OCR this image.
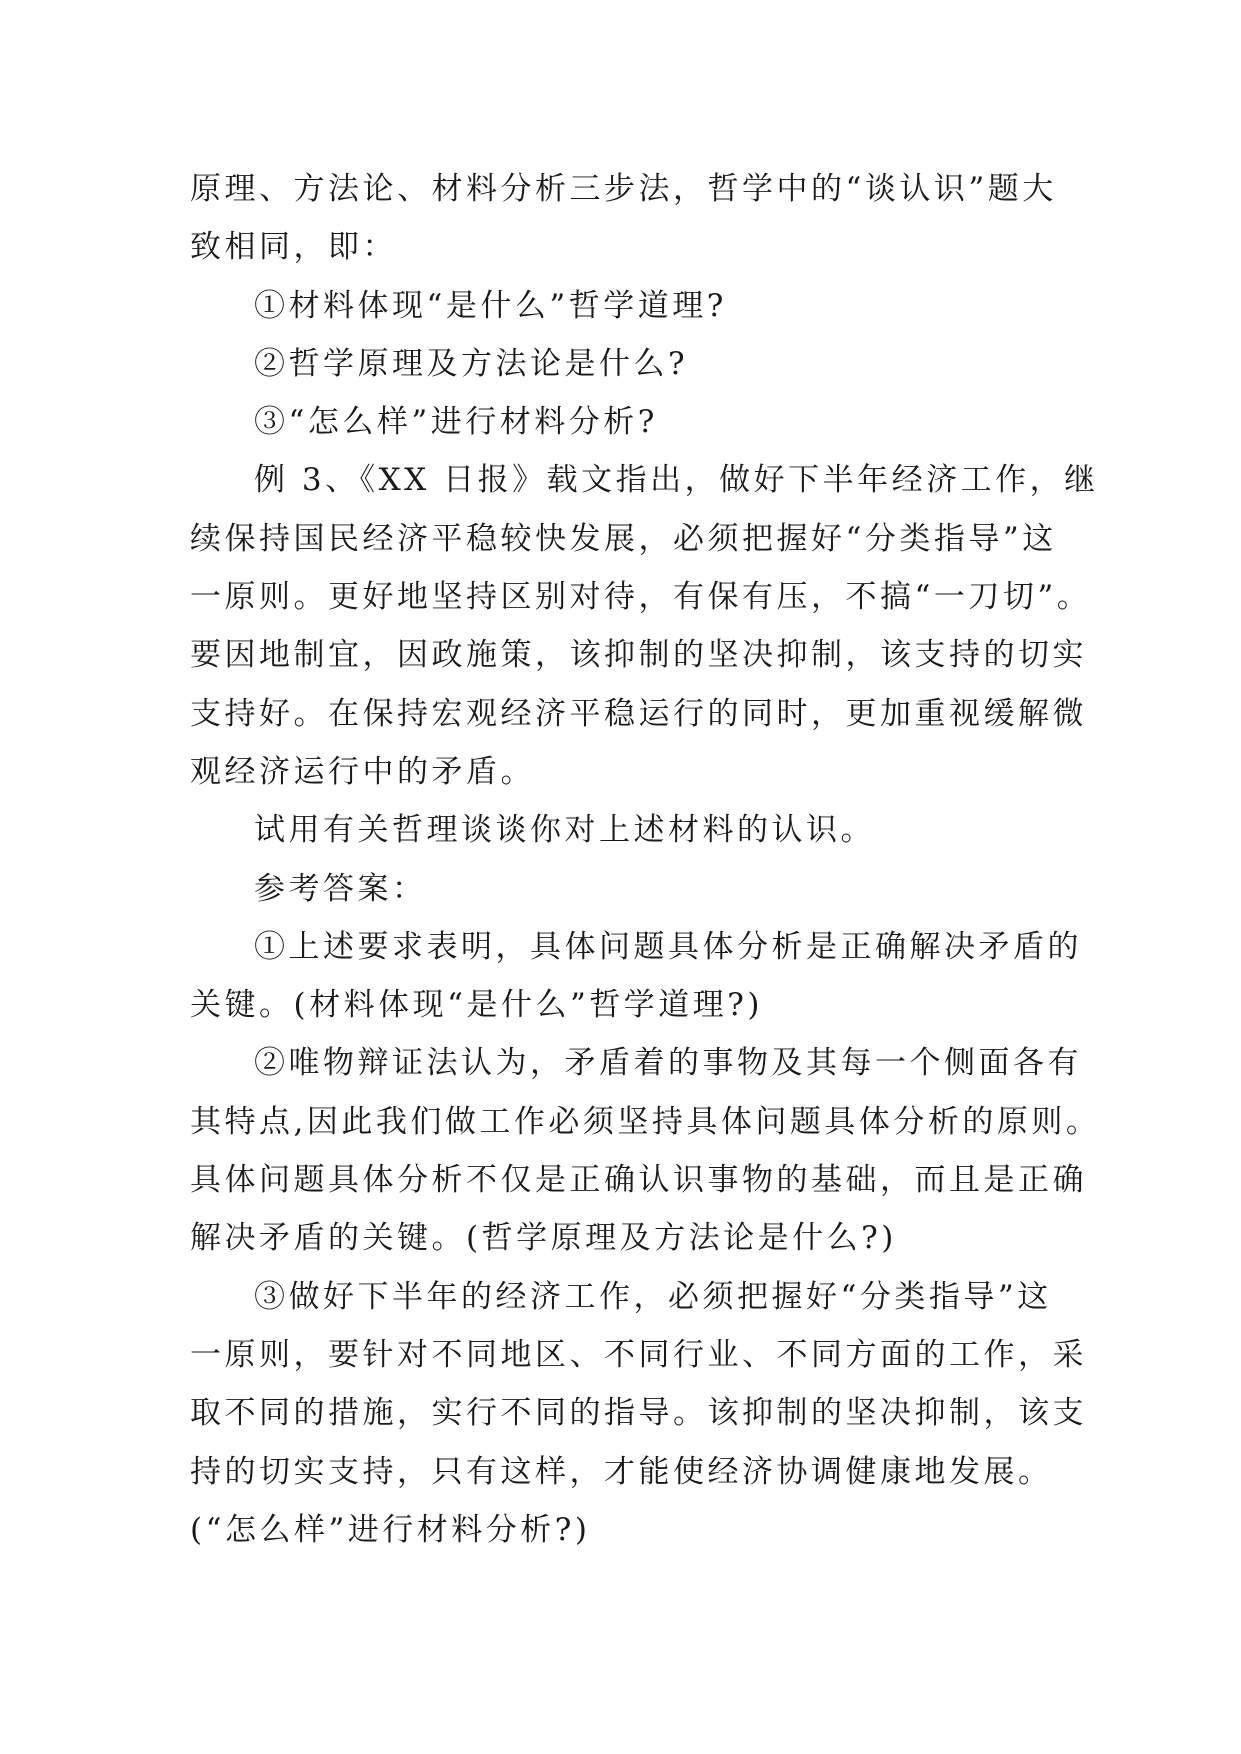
原理、方法论、材料分析三步法，哲学中的“谈认识”题大
致相同，即：
①材料体现“是什么”哲学道理?
②哲学原理及方法论是什么?
③“怎么样”进行材料分析?
例 3、《XX 日报》载文指出，做好下半年经济工作，继
续保持国民经济平稳较快发展，必须把握好“分类指导”这
一原则。更好地坚持区别对待，有保有压，不搞“一刀切”。
要因地制宜，因政施策，该抑制的坚决抑制，该支持的切实
支持好。在保持宏观经济平稳运行的同时，更加重视缓解微
观经济运行中的矛盾。
试用有关哲理谈谈你对上述材料的认识。
参考答案：
①上述要求表明，具体问题具体分析是正确解决矛盾的
关键。(材料体现“是什么”哲学道理?)
②唯物辩证法认为，矛盾着的事物及其每一个侧面各有
其特点,因此我们做工作必须坚持具体问题具体分析的原则。
具体问题具体分析不仅是正确认识事物的基础，而且是正确
解决矛盾的关键。(哲学原理及方法论是什么?)
③做好下半年的经济工作，必须把握好“分类指导”这
一原则，要针对不同地区、不同行业、不同方面的工作，采
取不同的措施，实行不同的指导。该抑制的坚决抑制，该支
持的切实支持，只有这样，才能使经济协调健康地发展。
(“怎么样”进行材料分析?)
